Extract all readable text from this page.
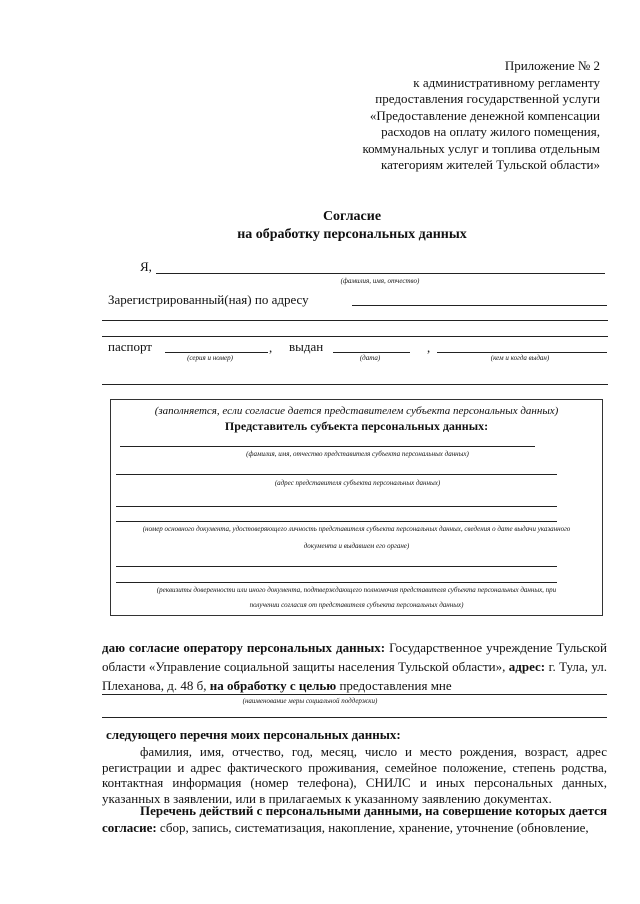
Приложение № 2
к административному регламенту
предоставления государственной услуги
«Предоставление денежной компенсации
расходов на оплату жилого помещения,
коммунальных услуг и топлива отдельным
категориям жителей Тульской области»
Согласие
на обработку персональных данных
Я,
(фамилия, имя, отчество)
Зарегистрированный(ная) по адресу
паспорт	,
(серия и номер)
выдан	,
(дата)	(кем и когда выдан)
(заполняется, если согласие дается представителем субъекта персональных данных)
Представитель субъекта персональных данных:
(фамилия, имя, отчество представителя субъекта персональных данных)
(адрес представителя субъекта персональных данных)
(номер основного документа, удостоверяющего личность представителя субъекта персональных данных, сведения о дате выдачи указанного
документа и выдавшем его органе)
(реквизиты доверенности или иного документа, подтверждающего полномочия представителя субъекта персональных данных, при
получении согласия от представителя субъекта персональных данных)
даю согласие оператору персональных данных: Государственное учреждение Тульской области «Управление социальной защиты населения Тульской области», адрес: г. Тула, ул. Плеханова, д. 48 б, на обработку с целью предоставления мне
(наименование меры социальной поддержки)
следующего перечня моих персональных данных:
фамилия, имя, отчество, год, месяц, число и место рождения, возраст, адрес регистрации и адрес фактического проживания, семейное положение, степень родства, контактная информация (номер телефона), СНИЛС и иных персональных данных, указанных в заявлении, или в прилагаемых к указанному заявлению документах.
Перечень действий с персональными данными, на совершение которых дается согласие: сбор, запись, систематизация, накопление, хранение, уточнение (обновление,
